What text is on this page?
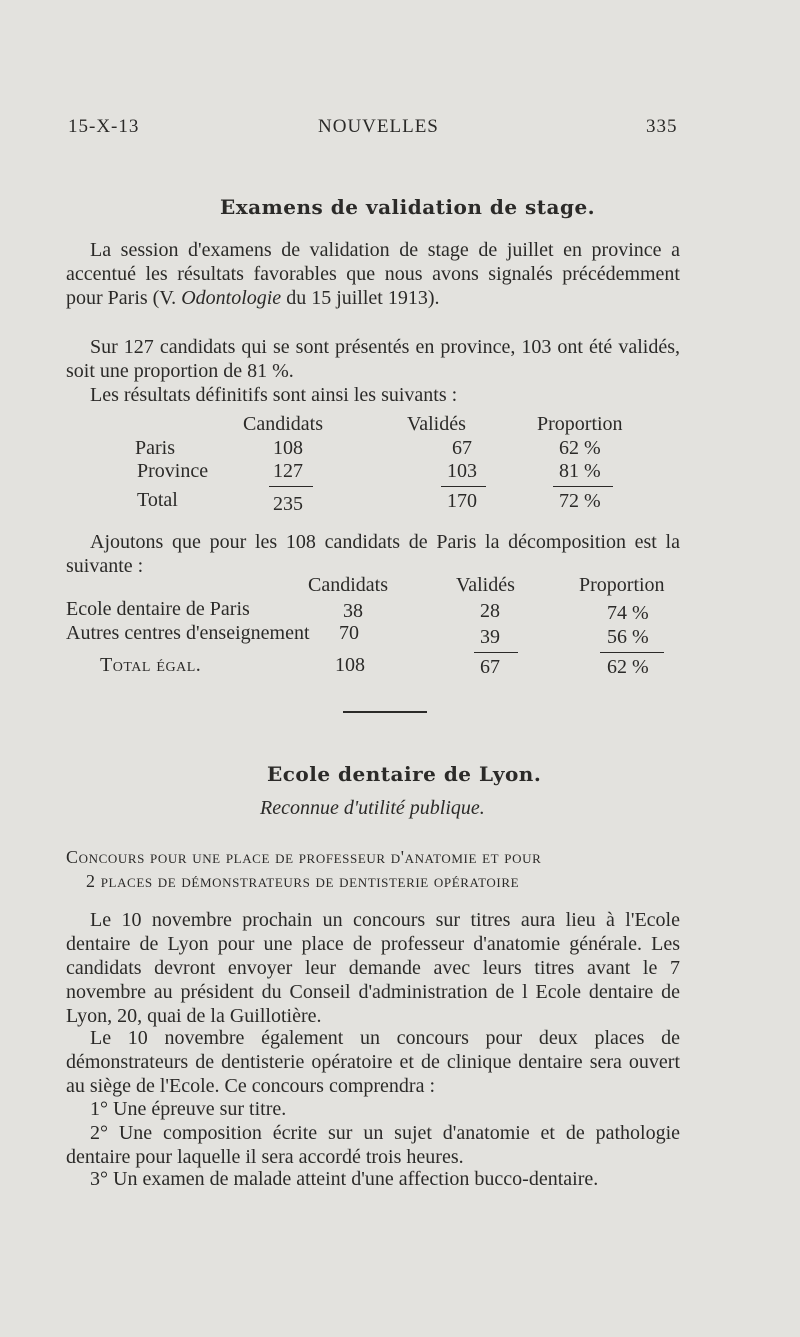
15-X-13	NOUVELLES	335
Examens de validation de stage.
La session d'examens de validation de stage de juillet en province a accentué les résultats favorables que nous avons signalés précédemment pour Paris (V. Odontologie du 15 juillet 1913).
Sur 127 candidats qui se sont présentés en province, 103 ont été validés, soit une proportion de 81 %.
Les résultats définitifs sont ainsi les suivants :
Candidats	Validés	Proportion
Paris	108	67	62 %
Province	127	103	81 %
Total	235	170	72 %
Ajoutons que pour les 108 candidats de Paris la décomposition est la suivante :
Candidats	Validés	Proportion
Ecole dentaire de Paris	38	28	74 %
Autres centres d'enseignement 70	39	56 %
Total égal.	108	67	62 %
Ecole dentaire de Lyon.
Reconnue d'utilité publique.
Concours pour une place de professeur d'anatomie et pour
2 places de démonstrateurs de dentisterie opératoire
Le 10 novembre prochain un concours sur titres aura lieu à l'Ecole dentaire de Lyon pour une place de professeur d'anatomie générale. Les candidats devront envoyer leur demande avec leurs titres avant le 7 novembre au président du Conseil d'administration de l Ecole dentaire de Lyon, 20, quai de la Guillotière.
Le 10 novembre également un concours pour deux places de démonstrateurs de dentisterie opératoire et de clinique dentaire sera ouvert au siège de l'Ecole. Ce concours comprendra :
1° Une épreuve sur titre.
2° Une composition écrite sur un sujet d'anatomie et de pathologie dentaire pour laquelle il sera accordé trois heures.
3° Un examen de malade atteint d'une affection bucco-dentaire.
